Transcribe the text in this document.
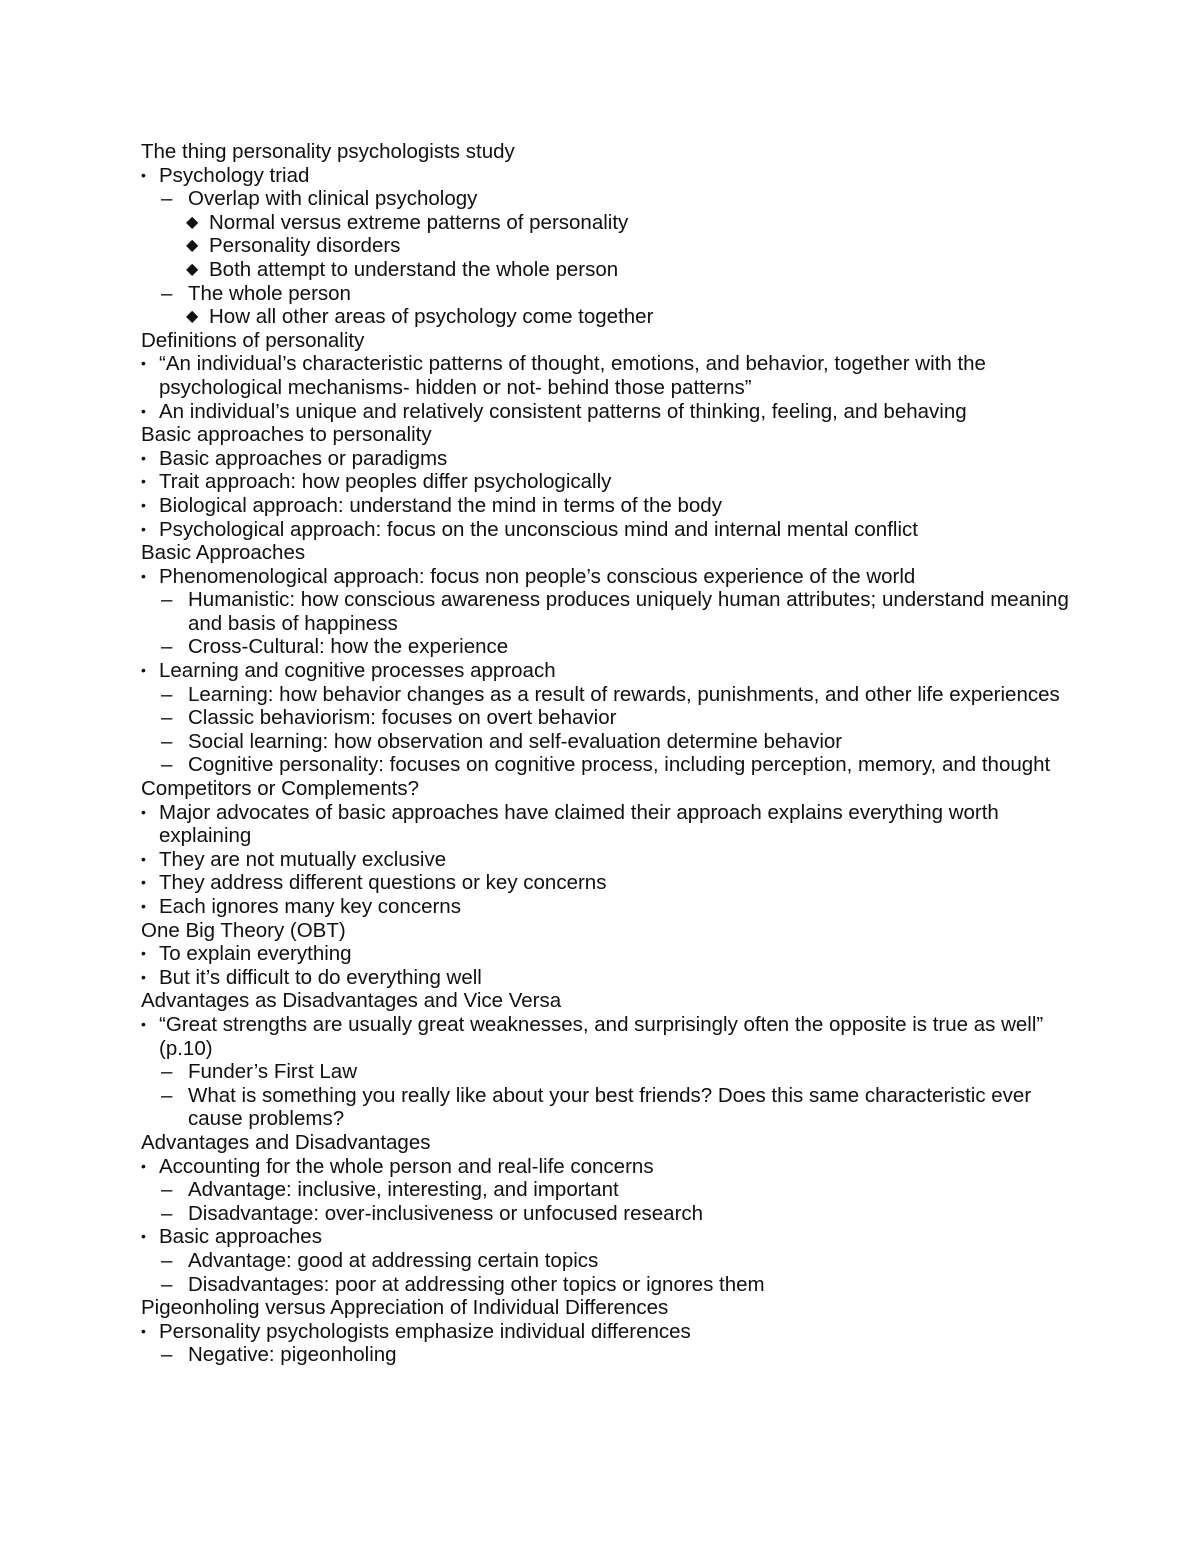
The thing personality psychologists study
• Psychology triad
– Overlap with clinical psychology
◆ Normal versus extreme patterns of personality
◆ Personality disorders
◆ Both attempt to understand the whole person
– The whole person
◆ How all other areas of psychology come together
Definitions of personality
• “An individual’s characteristic patterns of thought, emotions, and behavior, together with the psychological mechanisms- hidden or not- behind those patterns”
• An individual’s unique and relatively consistent patterns of thinking, feeling, and behaving
Basic approaches to personality
• Basic approaches or paradigms
• Trait approach: how peoples differ psychologically
• Biological approach: understand the mind in terms of the body
• Psychological approach: focus on the unconscious mind and internal mental conflict
Basic Approaches
• Phenomenological approach: focus non people’s conscious experience of the world
– Humanistic: how conscious awareness produces uniquely human attributes; understand meaning and basis of happiness
– Cross-Cultural: how the experience
• Learning and cognitive processes approach
– Learning: how behavior changes as a result of rewards, punishments, and other life experiences
– Classic behaviorism: focuses on overt behavior
– Social learning: how observation and self-evaluation determine behavior
– Cognitive personality: focuses on cognitive process, including perception, memory, and thought
Competitors or Complements?
• Major advocates of basic approaches have claimed their approach explains everything worth explaining
• They are not mutually exclusive
• They address different questions or key concerns
• Each ignores many key concerns
One Big Theory (OBT)
• To explain everything
• But it’s difficult to do everything well
Advantages as Disadvantages and Vice Versa
• “Great strengths are usually great weaknesses, and surprisingly often the opposite is true as well” (p.10)
– Funder’s First Law
– What is something you really like about your best friends? Does this same characteristic ever cause problems?
Advantages and Disadvantages
• Accounting for the whole person and real-life concerns
– Advantage: inclusive, interesting, and important
– Disadvantage: over-inclusiveness or unfocused research
• Basic approaches
– Advantage: good at addressing certain topics
– Disadvantages: poor at addressing other topics or ignores them
Pigeonholing versus Appreciation of Individual Differences
• Personality psychologists emphasize individual differences
– Negative: pigeonholing
